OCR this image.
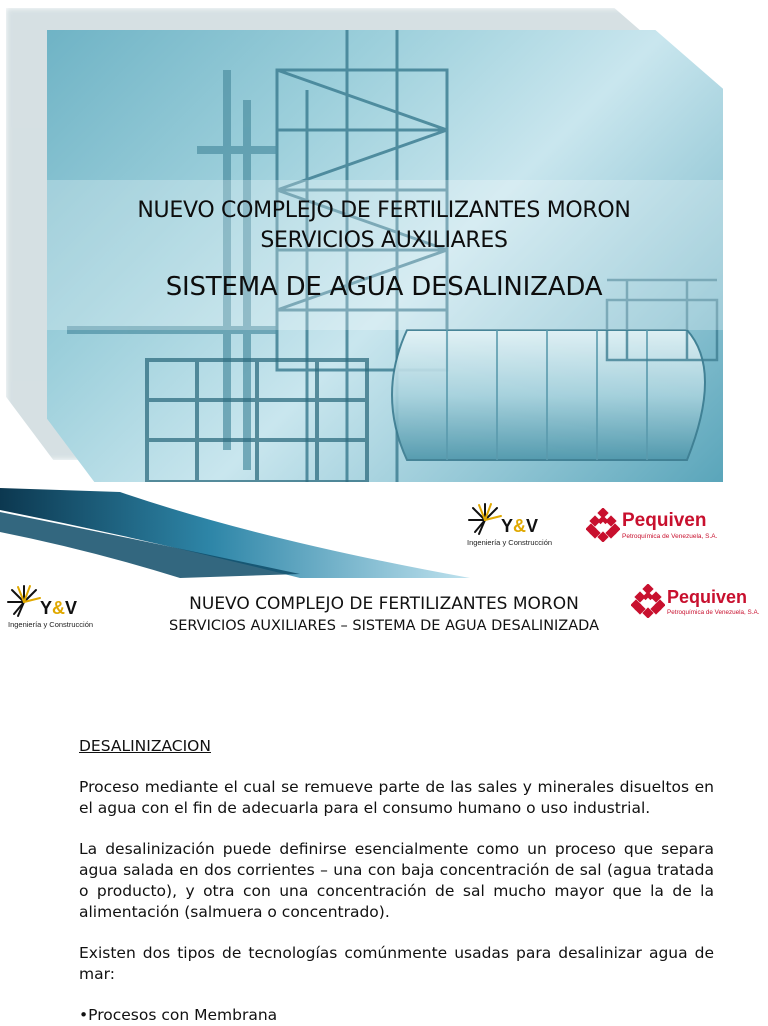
NUEVO COMPLEJO DE FERTILIZANTES MORON
SERVICIOS AUXILIARES
SISTEMA DE AGUA DESALINIZADA
Y&V
Ingeniería y Construcción
Pequiven
Petroquímica de Venezuela, S.A.
Y&V
Ingeniería y Construcción
NUEVO COMPLEJO DE FERTILIZANTES MORON
SERVICIOS AUXILIARES – SISTEMA DE AGUA DESALINIZADA
Pequiven
Petroquímica de Venezuela, S.A.
DESALINIZACION

Proceso mediante el cual se remueve parte de las sales y minerales disueltos en el agua con el fin de adecuarla para el consumo humano o uso industrial.

La desalinización puede definirse esencialmente como un proceso que separa agua salada en dos corrientes – una con baja concentración de sal (agua tratada o producto), y otra con una concentración de sal mucho mayor que la de la alimentación (salmuera o concentrado).

Existen dos tipos de tecnologías comúnmente usadas para desalinizar agua de mar:

•Procesos con Membrana
